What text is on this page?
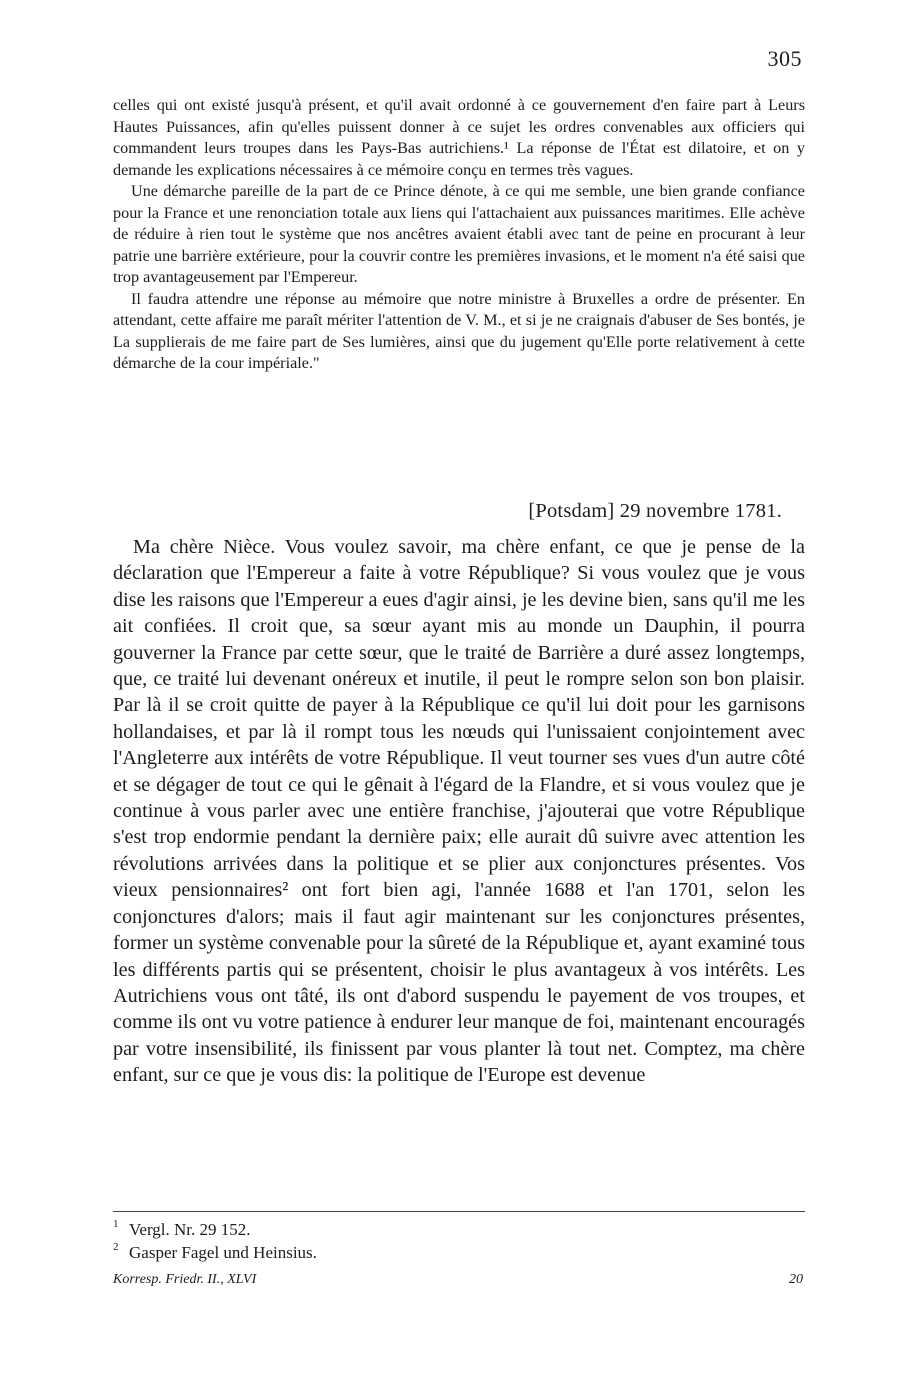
305

celles qui ont existé jusqu'à présent, et qu'il avait ordonné à ce gouvernement d'en faire part à Leurs Hautes Puissances, afin qu'elles puissent donner à ce sujet les ordres convenables aux officiers qui commandent leurs troupes dans les Pays-Bas autrichiens.¹ La réponse de l'État est dilatoire, et on y demande les explications nécessaires à ce mémoire conçu en termes très vagues.

Une démarche pareille de la part de ce Prince dénote, à ce qui me semble, une bien grande confiance pour la France et une renonciation totale aux liens qui l'attachaient aux puissances maritimes. Elle achève de réduire à rien tout le système que nos ancêtres avaient établi avec tant de peine en procurant à leur patrie une barrière extérieure, pour la couvrir contre les premières invasions, et le moment n'a été saisi que trop avantageusement par l'Empereur.

Il faudra attendre une réponse au mémoire que notre ministre à Bruxelles a ordre de présenter. En attendant, cette affaire me paraît mériter l'attention de V. M., et si je ne craignais d'abuser de Ses bontés, je La supplierais de me faire part de Ses lumières, ainsi que du jugement qu'Elle porte relativement à cette démarche de la cour impériale."

[Potsdam] 29 novembre 1781.

Ma chère Nièce. Vous voulez savoir, ma chère enfant, ce que je pense de la déclaration que l'Empereur a faite à votre République? Si vous voulez que je vous dise les raisons que l'Empereur a eues d'agir ainsi, je les devine bien, sans qu'il me les ait confiées. Il croit que, sa sœur ayant mis au monde un Dauphin, il pourra gouverner la France par cette sœur, que le traité de Barrière a duré assez longtemps, que, ce traité lui devenant onéreux et inutile, il peut le rompre selon son bon plaisir. Par là il se croit quitte de payer à la République ce qu'il lui doit pour les garnisons hollandaises, et par là il rompt tous les nœuds qui l'unissaient conjointement avec l'Angleterre aux intérêts de votre République. Il veut tourner ses vues d'un autre côté et se dégager de tout ce qui le gênait à l'égard de la Flandre, et si vous voulez que je continue à vous parler avec une entière franchise, j'ajouterai que votre République s'est trop endormie pendant la dernière paix; elle aurait dû suivre avec attention les révolutions arrivées dans la politique et se plier aux conjonctures présentes. Vos vieux pensionnaires² ont fort bien agi, l'année 1688 et l'an 1701, selon les conjonctures d'alors; mais il faut agir maintenant sur les conjonctures présentes, former un système convenable pour la sûreté de la République et, ayant examiné tous les différents partis qui se présentent, choisir le plus avantageux à vos intérêts. Les Autrichiens vous ont tâté, ils ont d'abord suspendu le payement de vos troupes, et comme ils ont vu votre patience à endurer leur manque de foi, maintenant encouragés par votre insensibilité, ils finissent par vous planter là tout net. Comptez, ma chère enfant, sur ce que je vous dis: la politique de l'Europe est devenue

1 Vergl. Nr. 29 152.
2 Gasper Fagel und Heinsius.
Korresp. Friedr. II., XLVI	20
